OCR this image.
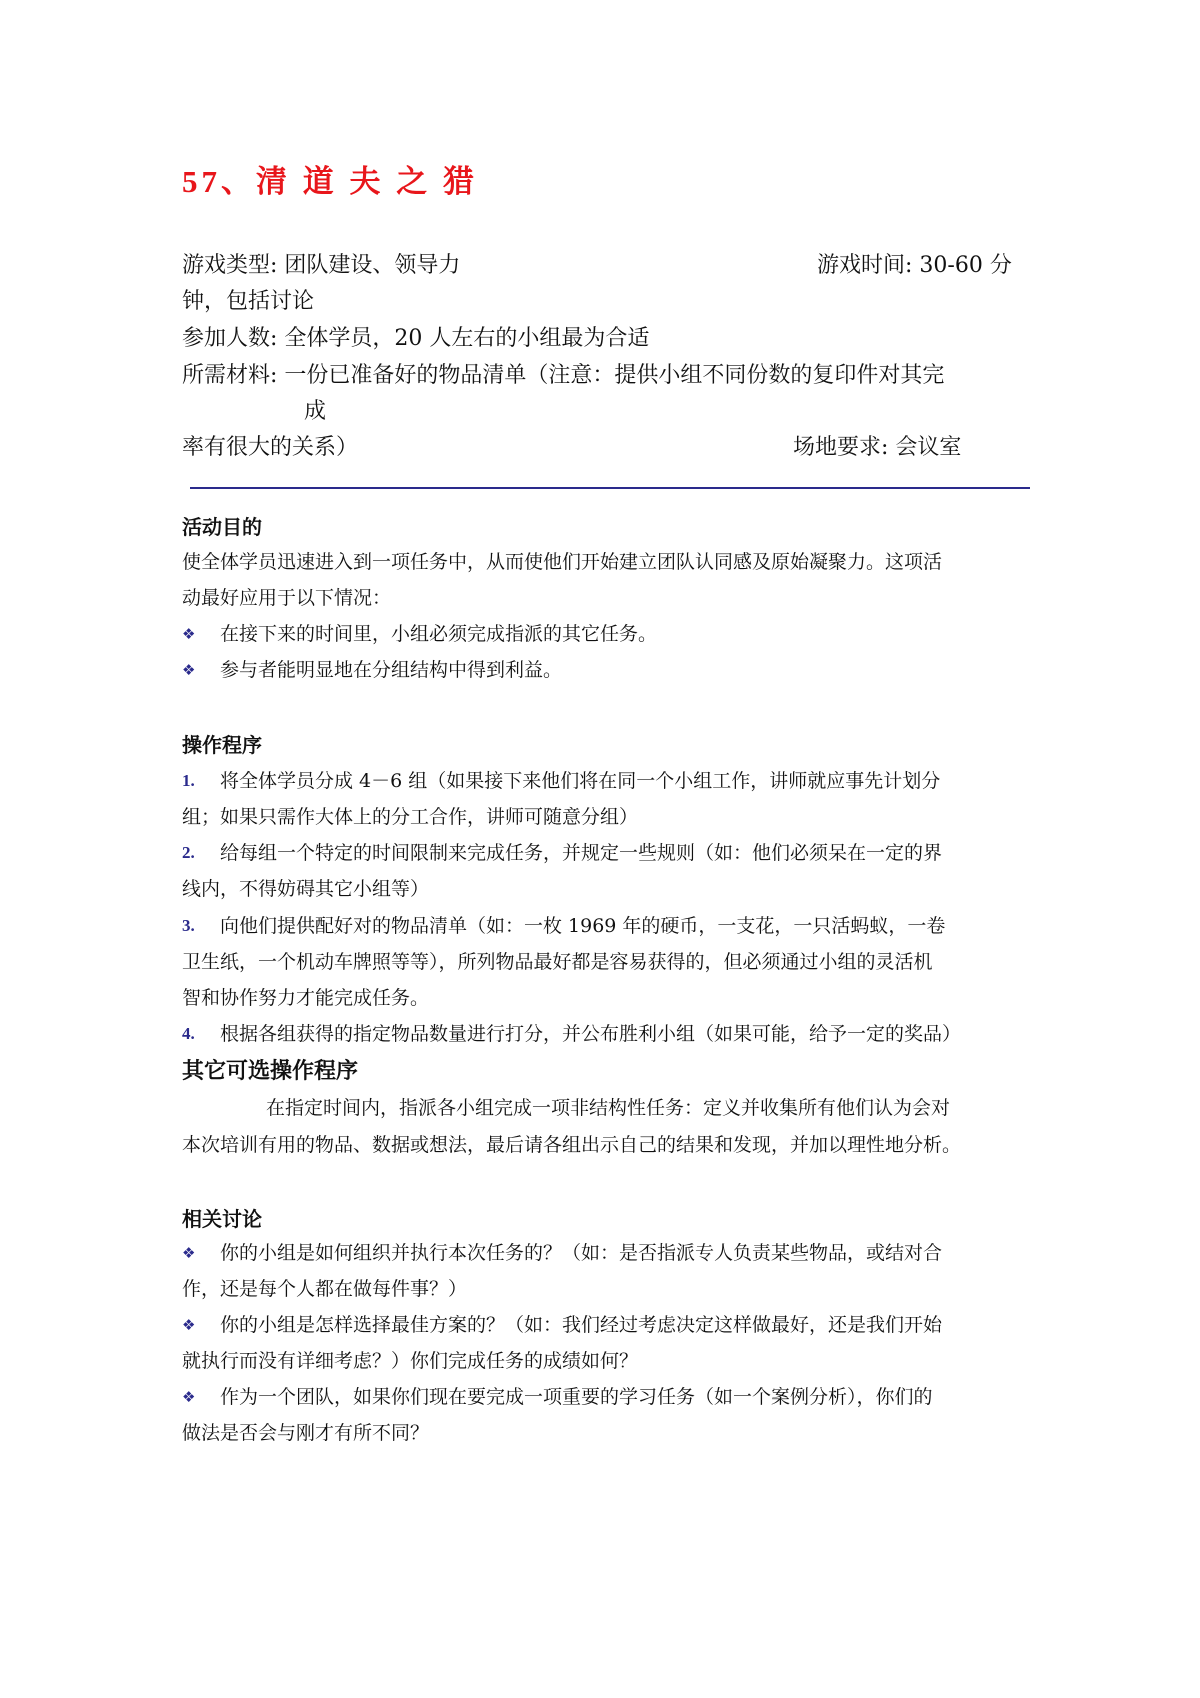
57、清 道 夫 之 猎
游戏类型: 团队建设、领导力	游戏时间: 30-60 分
钟，包括讨论
参加人数: 全体学员，20 人左右的小组最为合适
所需材料: 一份已准备好的物品清单（注意：提供小组不同份数的复印件对其完
成
率有很大的关系）	场地要求: 会议室
活动目的
使全体学员迅速进入到一项任务中，从而使他们开始建立团队认同感及原始凝聚力。这项活
动最好应用于以下情况：
❖ 在接下来的时间里，小组必须完成指派的其它任务。
❖ 参与者能明显地在分组结构中得到利益。
操作程序
1. 将全体学员分成 4－6 组（如果接下来他们将在同一个小组工作，讲师就应事先计划分
组；如果只需作大体上的分工合作，讲师可随意分组）
2. 给每组一个特定的时间限制来完成任务，并规定一些规则（如：他们必须呆在一定的界
线内，不得妨碍其它小组等）
3. 向他们提供配好对的物品清单（如：一枚 1969 年的硬币，一支花，一只活蚂蚁，一卷
卫生纸，一个机动车牌照等等），所列物品最好都是容易获得的，但必须通过小组的灵活机
智和协作努力才能完成任务。
4. 根据各组获得的指定物品数量进行打分，并公布胜利小组（如果可能，给予一定的奖品）
其它可选操作程序
在指定时间内，指派各小组完成一项非结构性任务：定义并收集所有他们认为会对
本次培训有用的物品、数据或想法，最后请各组出示自己的结果和发现，并加以理性地分析。
相关讨论
❖ 你的小组是如何组织并执行本次任务的？（如：是否指派专人负责某些物品，或结对合
作，还是每个人都在做每件事？）
❖ 你的小组是怎样选择最佳方案的？（如：我们经过考虑决定这样做最好，还是我们开始
就执行而没有详细考虑？）你们完成任务的成绩如何？
❖ 作为一个团队，如果你们现在要完成一项重要的学习任务（如一个案例分析），你们的
做法是否会与刚才有所不同？
